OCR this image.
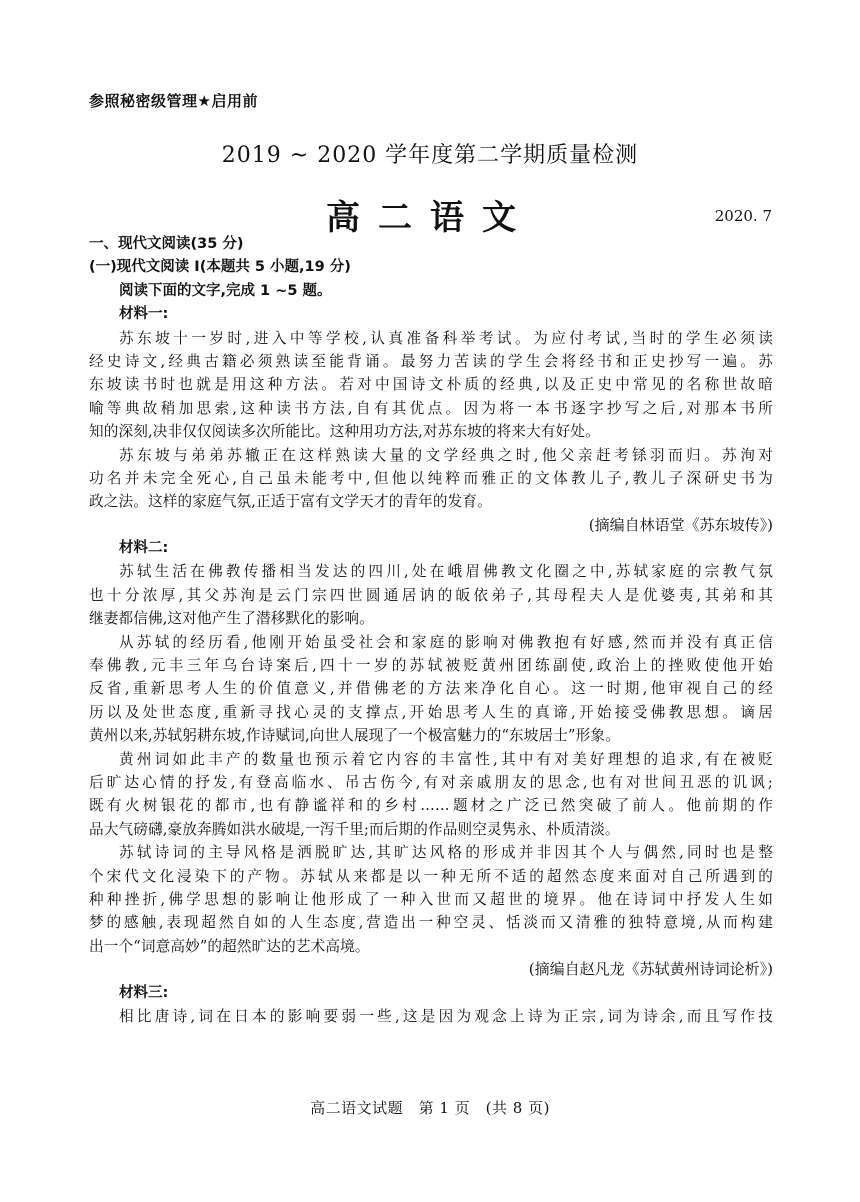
参照秘密级管理★启用前
2019 ~ 2020 学年度第二学期质量检测
高二语文	2020. 7
一、现代文阅读(35 分)
(一)现代文阅读 I(本题共 5 小题,19 分)
阅读下面的文字,完成 1 ~5 题。
材料一:
苏东坡十一岁时,进入中等学校,认真准备科举考试。为应付考试,当时的学生必须读
经史诗文,经典古籍必须熟读至能背诵。最努力苦读的学生会将经书和正史抄写一遍。苏
东坡读书时也就是用这种方法。若对中国诗文朴质的经典,以及正史中常见的名称世故暗
喻等典故稍加思索,这种读书方法,自有其优点。因为将一本书逐字抄写之后,对那本书所
知的深刻,决非仅仅阅读多次所能比。这种用功方法,对苏东坡的将来大有好处。
苏东坡与弟弟苏辙正在这样熟读大量的文学经典之时,他父亲赶考铩羽而归。苏洵对
功名并未完全死心,自己虽未能考中,但他以纯粹而雅正的文体教儿子,教儿子深研史书为
政之法。这样的家庭气氛,正适于富有文学天才的青年的发育。
(摘编自林语堂《苏东坡传》)
材料二:
苏轼生活在佛教传播相当发达的四川,处在峨眉佛教文化圈之中,苏轼家庭的宗教气氛
也十分浓厚,其父苏洵是云门宗四世圆通居讷的皈依弟子,其母程夫人是优婆夷,其弟和其
继妻都信佛,这对他产生了潜移默化的影响。
从苏轼的经历看,他刚开始虽受社会和家庭的影响对佛教抱有好感,然而并没有真正信
奉佛教,元丰三年乌台诗案后,四十一岁的苏轼被贬黄州团练副使,政治上的挫败使他开始
反省,重新思考人生的价值意义,并借佛老的方法来净化自心。这一时期,他审视自己的经
历以及处世态度,重新寻找心灵的支撑点,开始思考人生的真谛,开始接受佛教思想。谪居
黄州以来,苏轼躬耕东坡,作诗赋词,向世人展现了一个极富魅力的“东坡居士”形象。
黄州词如此丰产的数量也预示着它内容的丰富性,其中有对美好理想的追求,有在被贬
后旷达心情的抒发,有登高临水、吊古伤今,有对亲戚朋友的思念,也有对世间丑恶的讥讽;
既有火树银花的都市,也有静谧祥和的乡村……题材之广泛已然突破了前人。他前期的作
品大气磅礴,豪放奔腾如洪水破堤,一泻千里;而后期的作品则空灵隽永、朴质清淡。
苏轼诗词的主导风格是洒脱旷达,其旷达风格的形成并非因其个人与偶然,同时也是整
个宋代文化浸染下的产物。苏轼从来都是以一种无所不适的超然态度来面对自己所遇到的
种种挫折,佛学思想的影响让他形成了一种入世而又超世的境界。他在诗词中抒发人生如
梦的感触,表现超然自如的人生态度,营造出一种空灵、恬淡而又清雅的独特意境,从而构建
出一个“词意高妙”的超然旷达的艺术高境。
(摘编自赵凡龙《苏轼黄州诗词论析》)
材料三:
相比唐诗,词在日本的影响要弱一些,这是因为观念上诗为正宗,词为诗余,而且写作技
高二语文试题　第 1 页　(共 8 页)
